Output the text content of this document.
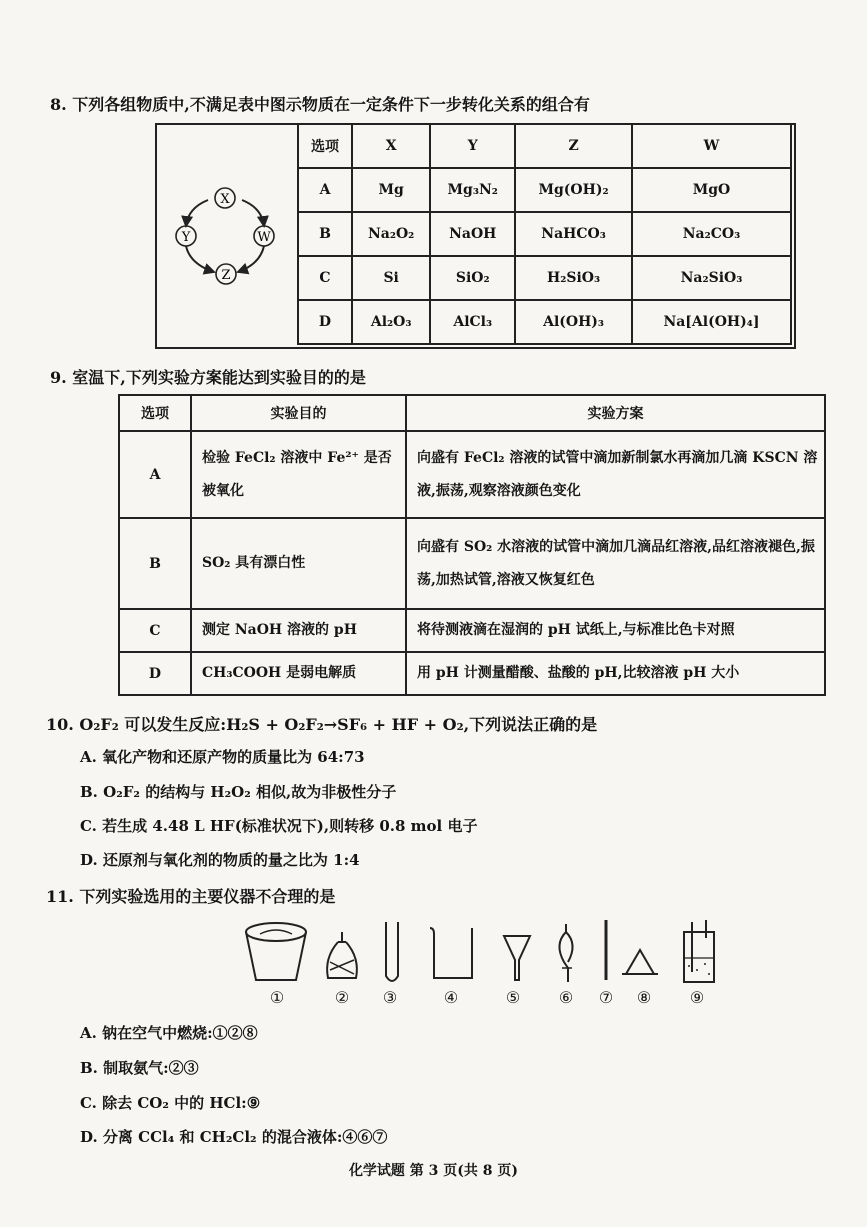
8. 下列各组物质中,不满足表中图示物质在一定条件下一步转化关系的组合有
X
Y
Z
W
选项	X	Y	Z	W
A	Mg	Mg₃N₂	Mg(OH)₂	MgO
B	Na₂O₂	NaOH	NaHCO₃	Na₂CO₃
C	Si	SiO₂	H₂SiO₃	Na₂SiO₃
D	Al₂O₃	AlCl₃	Al(OH)₃	Na[Al(OH)₄]
9. 室温下,下列实验方案能达到实验目的的是
选项	实验目的	实验方案
A	检验 FeCl₂ 溶液中 Fe²⁺ 是否被氧化	向盛有 FeCl₂ 溶液的试管中滴加新制氯水再滴加几滴 KSCN 溶液,振荡,观察溶液颜色变化
B	SO₂ 具有漂白性	向盛有 SO₂ 水溶液的试管中滴加几滴品红溶液,品红溶液褪色,振荡,加热试管,溶液又恢复红色
C	测定 NaOH 溶液的 pH	将待测液滴在湿润的 pH 试纸上,与标准比色卡对照
D	CH₃COOH 是弱电解质	用 pH 计测量醋酸、盐酸的 pH,比较溶液 pH 大小
10. O₂F₂ 可以发生反应:H₂S + O₂F₂→SF₆ + HF + O₂,下列说法正确的是
A. 氧化产物和还原产物的质量比为 64:73
B. O₂F₂ 的结构与 H₂O₂ 相似,故为非极性分子
C. 若生成 4.48 L HF(标准状况下),则转移 0.8 mol 电子
D. 还原剂与氧化剂的物质的量之比为 1:4
11. 下列实验选用的主要仪器不合理的是
①	②	③	④	⑤	⑥	⑦	⑧	⑨
A. 钠在空气中燃烧:①②⑧
B. 制取氨气:②③
C. 除去 CO₂ 中的 HCl:⑨
D. 分离 CCl₄ 和 CH₂Cl₂ 的混合液体:④⑥⑦
化学试题 第 3 页(共 8 页)
